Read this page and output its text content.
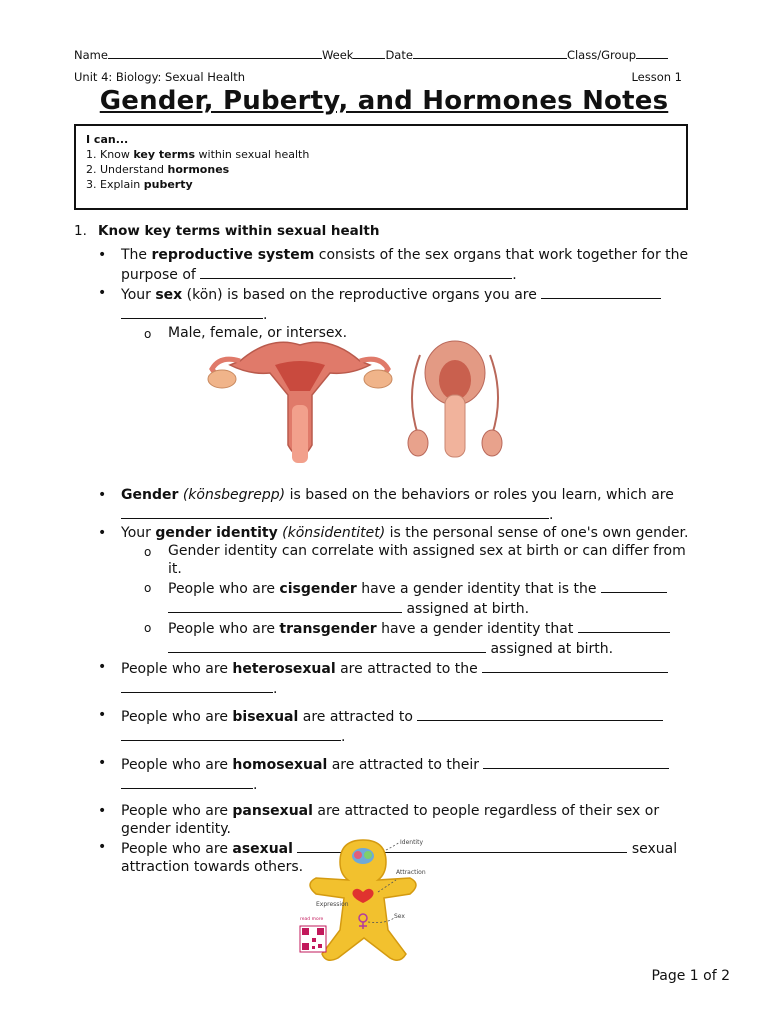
Name	Week	Date	Class/Group
Unit 4: Biology: Sexual Health	Lesson 1
Gender, Puberty, and Hormones Notes
I can...
1. Know key terms within sexual health
2. Understand hormones
3. Explain puberty
1. Know key terms within sexual health
• The reproductive system consists of the sex organs that work together for the purpose of	.
• Your sex (kön) is based on the reproductive organs you are  .
o Male, female, or intersex.
• Gender (könsbegrepp) is based on the behaviors or roles you learn, which are .
• Your gender identity (könsidentitet) is the personal sense of one's own gender.
o Gender identity can correlate with assigned sex at birth or can differ from it.
o People who are cisgender have a gender identity that is the   assigned at birth.
o People who are transgender have a gender identity that   assigned at birth.
• People who are heterosexual are attracted to the  .
• People who are bisexual are attracted to  .
• People who are homosexual are attracted to their  .
• People who are pansexual are attracted to people regardless of their sex or gender identity.
• People who are asexual	sexual attraction towards others.
Identity
Attraction
Expression
Sex
read more
Page 1 of 2
